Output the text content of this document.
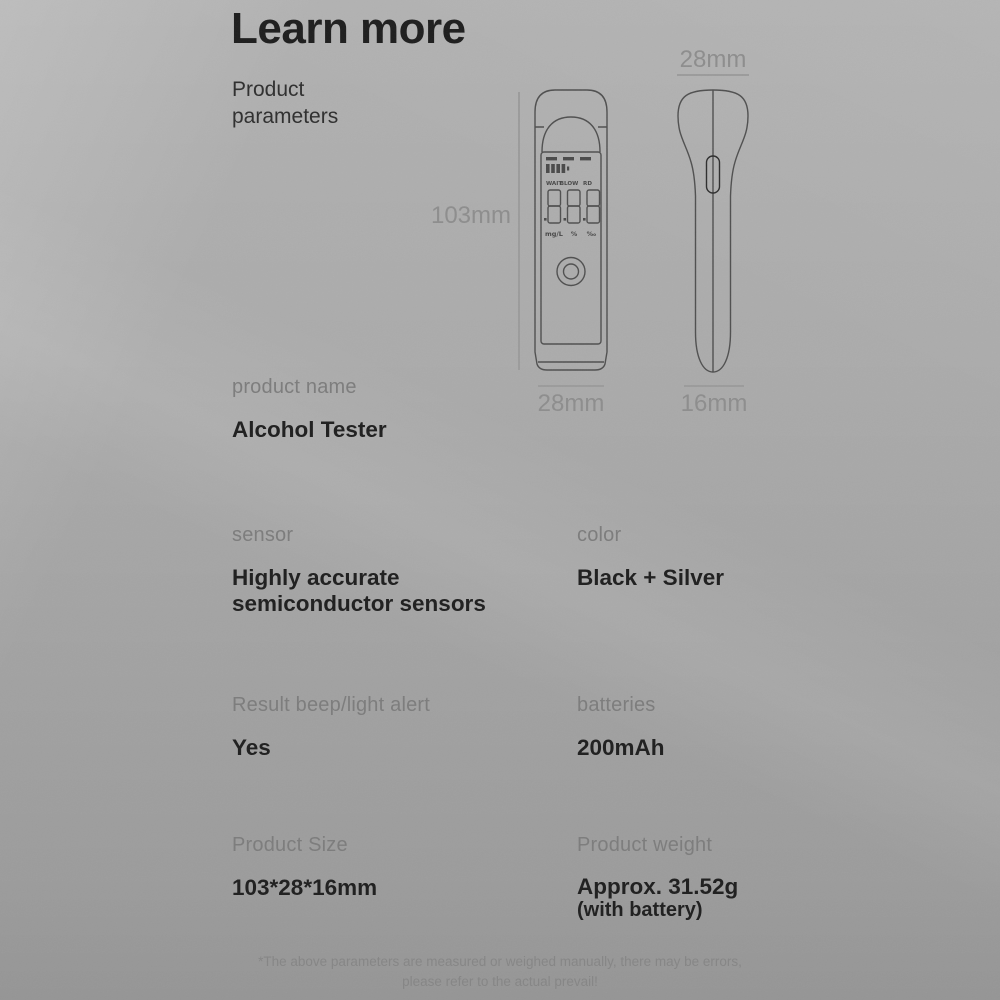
Learn more
Product parameters
28mm
103mm
28mm	16mm
WAIT
BLOW RD
mg/L % ‰
product name
Alcohol Tester
sensor
Highly accurate semiconductor sensors
color
Black + Silver
Result beep/light alert
Yes
batteries
200mAh
Product Size
103*28*16mm
Product weight
Approx. 31.52g
(with battery)
*The above parameters are measured or weighed manually, there may be errors,
please refer to the actual prevail!
